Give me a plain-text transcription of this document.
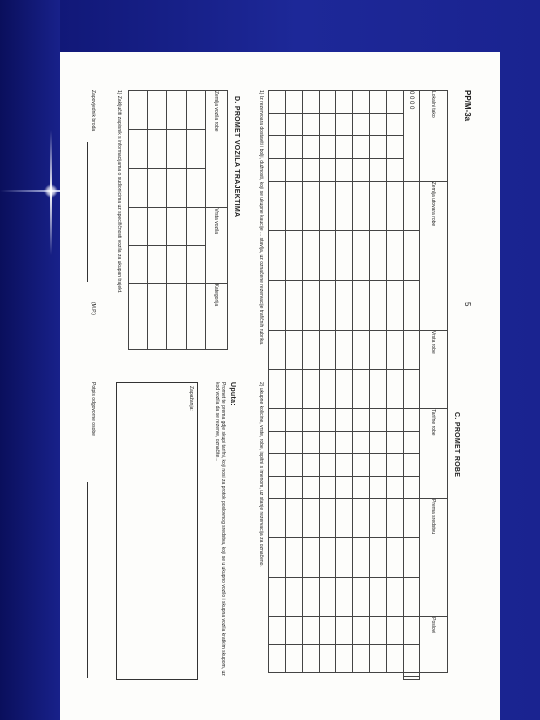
PP/M-3a
5
C. PROMET ROBE
Lokalni tako				Zemlja utovara robe			Vrsta robe		Tarifne robe				Prema sredstvu			Poslovi			
0 0 0 0																			

1) Iz rezervoara dostaviti i bolji, dužnosti, koji se ukupne kaucije ... stavlja, uz označene rezervacije trafičnih rubrika.
D. PROMET VOZILA TRAJEKTIMA
Zemlja vozila robe			Vrsta vozila		Kategorija

1) Zaključiti zapisnik s informacijama o sudionicima uz specifičnosti vozila za ukupan trajekt.
2) ukupne kolicine, vrste, robe, ispitni s imenom, uz stanje rezervacija za označeno.
Uputa:
Promet te prema gdje skupi tarifni, koji nosi za protok poslovnog sredstva, koji se u ukupno vozilo i skupna vozila kratkim skupom, uz kod vozila da se rezerve, označite...
Zapažanja:
Zapovjednik broda
(M.P.)
Potpis odgovorne osobe
